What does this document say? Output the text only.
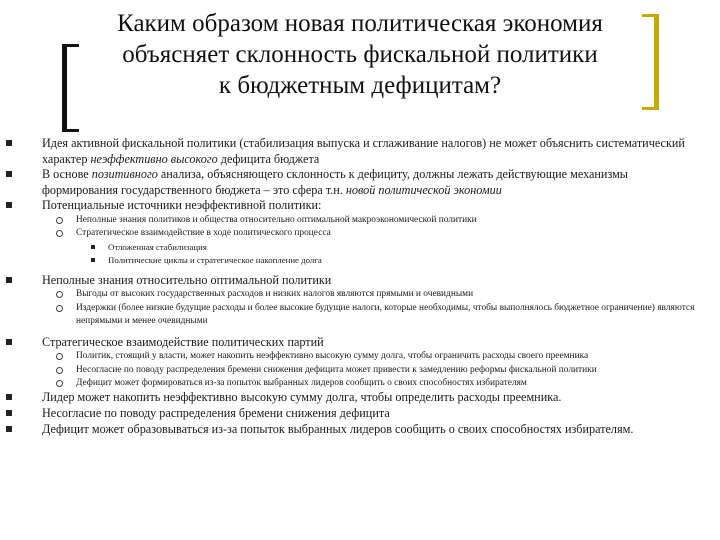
Каким образом новая политическая экономия
объясняет склонность фискальной политики
к бюджетным дефицитам?
Идея активной фискальной политики (стабилизация выпуска и сглаживание налогов) не может объяснить систематический характер неэффективно высокого дефицита бюджета
В основе позитивного анализа, объясняющего склонность к дефициту, должны лежать действующие механизмы формирования государственного бюджета – это сфера т.н. новой политической экономии
Потенциальные источники неэффективной политики:
Неполные знания политиков и общества относительно оптимальной макроэкономической политики
Стратегическое взаимодействие в ходе политического процесса
Отложенная стабилизация
Политические циклы и стратегическое накопление долга
Неполные знания относительно оптимальной политики
Выгоды от высоких государственных расходов и низких налогов являются прямыми и очевидными
Издержки (более низкие будущие расходы и более высокие будущие налоги, которые необходимы, чтобы выполнялось бюджетное ограничение) являются непрямыми и менее очевидными
Стратегическое взаимодействие политических партий
Политик, стоящий у власти, может накопить неэффективно высокую сумму долга, чтобы ограничить расходы своего преемника
Несогласие по поводу распределения бремени снижения дефицита может привести к замедлению реформы фискальной политики
Дефицит может формироваться из-за попыток выбранных лидеров сообщить о своих способностях избирателям
Лидер может накопить неэффективно высокую сумму долга, чтобы определить расходы преемника.
Несогласие по поводу распределения бремени снижения дефицита
Дефицит может образовываться из-за попыток выбранных лидеров сообщить о своих способностях избирателям.
